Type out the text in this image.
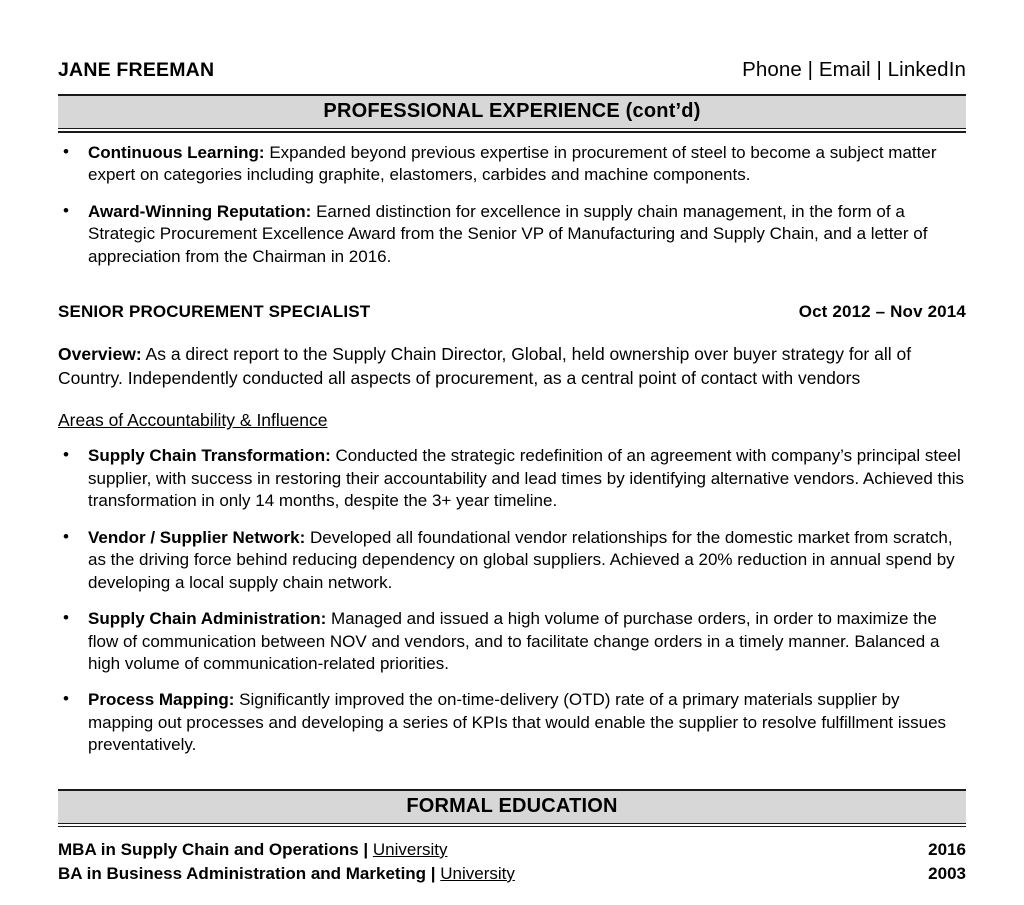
JANE FREEMAN	Phone | Email | LinkedIn
PROFESSIONAL EXPERIENCE (cont’d)
• Continuous Learning: Expanded beyond previous expertise in procurement of steel to become a subject matter expert on categories including graphite, elastomers, carbides and machine components.
• Award-Winning Reputation: Earned distinction for excellence in supply chain management, in the form of a Strategic Procurement Excellence Award from the Senior VP of Manufacturing and Supply Chain, and a letter of appreciation from the Chairman in 2016.
SENIOR PROCUREMENT SPECIALIST	Oct 2012 – Nov 2014
Overview: As a direct report to the Supply Chain Director, Global, held ownership over buyer strategy for all of Country. Independently conducted all aspects of procurement, as a central point of contact with vendors
Areas of Accountability & Influence
• Supply Chain Transformation: Conducted the strategic redefinition of an agreement with company’s principal steel supplier, with success in restoring their accountability and lead times by identifying alternative vendors. Achieved this transformation in only 14 months, despite the 3+ year timeline.
• Vendor / Supplier Network: Developed all foundational vendor relationships for the domestic market from scratch, as the driving force behind reducing dependency on global suppliers. Achieved a 20% reduction in annual spend by developing a local supply chain network.
• Supply Chain Administration: Managed and issued a high volume of purchase orders, in order to maximize the flow of communication between NOV and vendors, and to facilitate change orders in a timely manner. Balanced a high volume of communication-related priorities.
• Process Mapping: Significantly improved the on-time-delivery (OTD) rate of a primary materials supplier by mapping out processes and developing a series of KPIs that would enable the supplier to resolve fulfillment issues preventatively.
FORMAL EDUCATION
MBA in Supply Chain and Operations | University	2016
BA in Business Administration and Marketing | University	2003
